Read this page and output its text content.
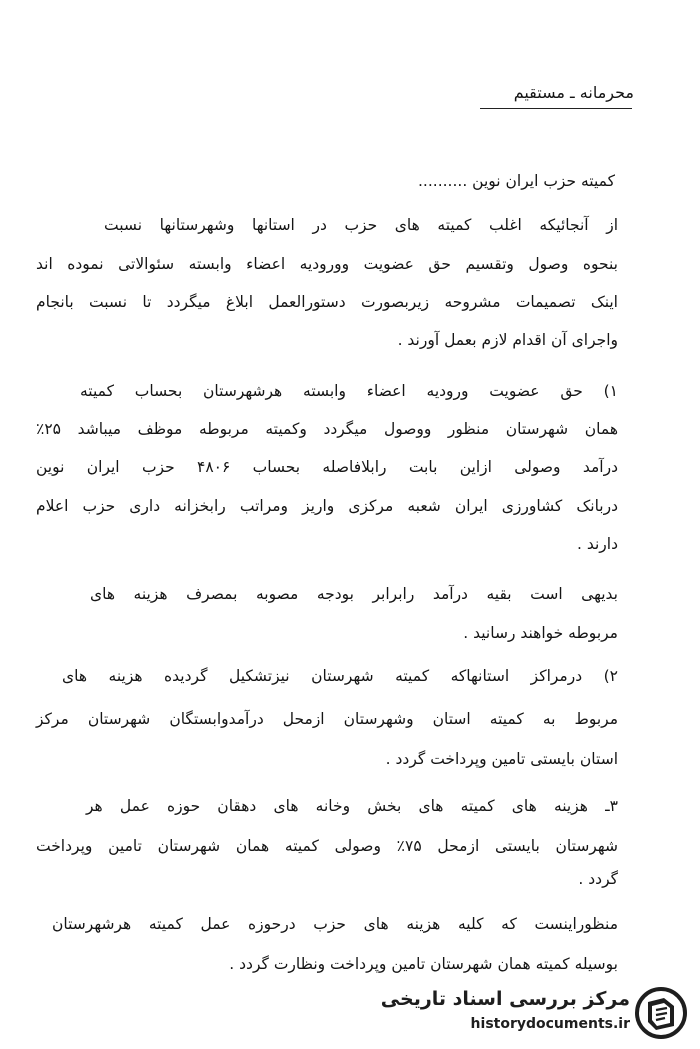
محرمانه ـ مستقیم
کمیته حزب ایران نوین ..........
از آنجائیکه اغلب کمیته های حزب در استانها وشهرستانها نسبت
بنحوه وصول وتقسیم حق عضویت وورودیه اعضاء وابسته سئوالاتی نموده اند
اینک تصمیمات مشروحه زیربصورت دستورالعمل ابلاغ میگردد تا نسبت بانجام
واجرای آن اقدام لازم بعمل آورند .
۱) حق عضویت ورودیه اعضاء وابسته هرشهرستان بحساب کمیته
همان شهرستان منظور ووصول میگردد وکمیته مربوطه موظف میباشد ۲۵٪
درآمد وصولی ازاین بابت رابلافاصله بحساب ۴۸۰۶ حزب ایران نوین
دربانک کشاورزی ایران شعبه مرکزی واریز ومراتب رابخزانه داری حزب اعلام
دارند .
بدیهی است بقیه درآمد رابرابر بودجه مصوبه بمصرف هزینه های
مربوطه خواهند رسانید .
۲) درمراکز استانهاکه کمیته شهرستان نیزتشکیل گردیده هزینه های
مربوط به کمیته استان وشهرستان ازمحل درآمدوابستگان شهرستان مرکز
استان بایستی تامین وپرداخت گردد .
۳ـ هزینه های کمیته های بخش وخانه های دهقان حوزه عمل هر
شهرستان بایستی ازمحل ۷۵٪ وصولی کمیته همان شهرستان تامین وپرداخت
گردد .
منظوراینست که کلیه هزینه های حزب درحوزه عمل کمیته هرشهرستان
بوسیله کمیته همان شهرستان تامین وپرداخت ونظارت گردد .
مرکز بررسی اسناد تاریخی
historydocuments.ir
